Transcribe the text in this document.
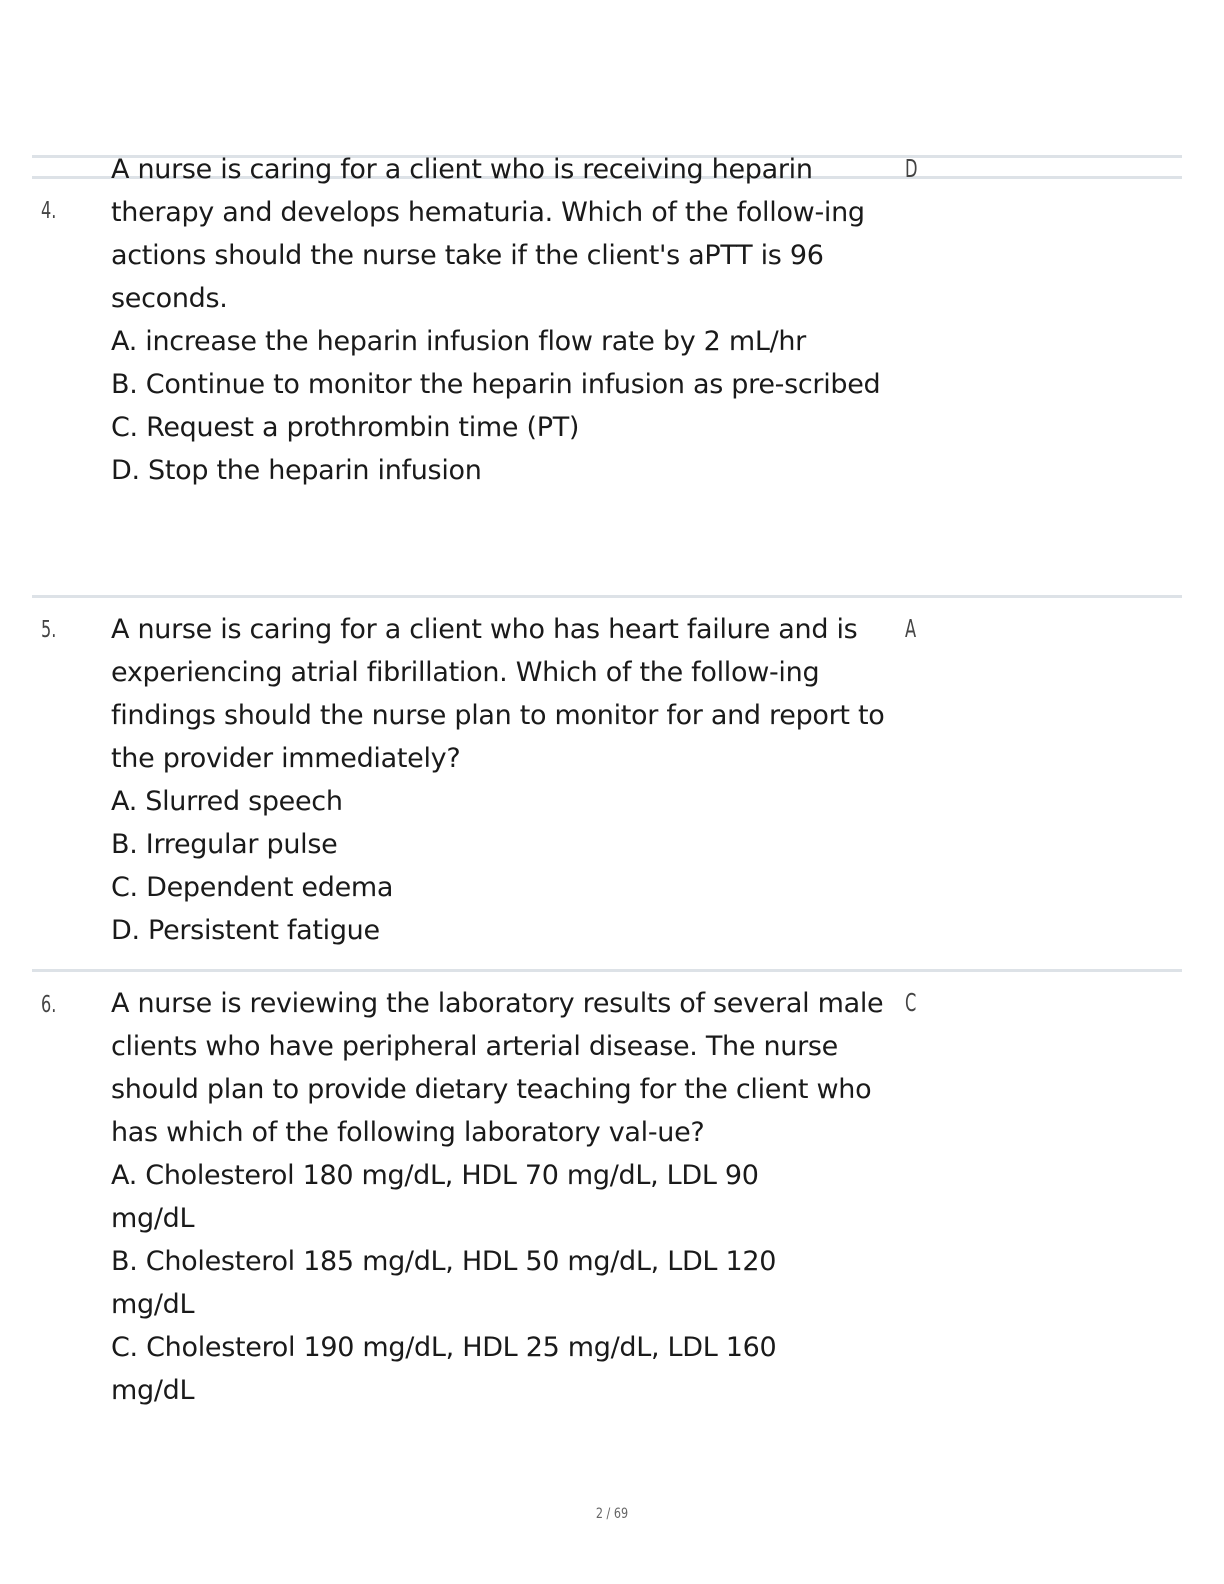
4.

A nurse is caring for a client who is receiving heparin therapy and develops hematuria. Which of the follow-ing actions should the nurse take if the client's aPTT is 96 seconds.

A. increase the heparin infusion flow rate by 2 mL/hr

B. Continue to monitor the heparin infusion as pre-scribed

C. Request a prothrombin time (PT)

D. Stop the heparin infusion

D
5. A nurse is caring for a client who has heart failure and is experiencing atrial fibrillation. Which of the follow-ing findings should the nurse plan to monitor for and report to the provider immediately?

A. Slurred speech

B. Irregular pulse

C. Dependent edema

D. Persistent fatigue

A
6. A nurse is reviewing the laboratory results of several male clients who have peripheral arterial disease. The nurse should plan to provide dietary teaching for the client who has which of the following laboratory val-ue?

A. Cholesterol 180 mg/dL, HDL 70 mg/dL, LDL 90 mg/dL

B. Cholesterol 185 mg/dL, HDL 50 mg/dL, LDL 120 mg/dL

C. Cholesterol 190 mg/dL, HDL 25 mg/dL, LDL 160 mg/dL

C
2 / 69
